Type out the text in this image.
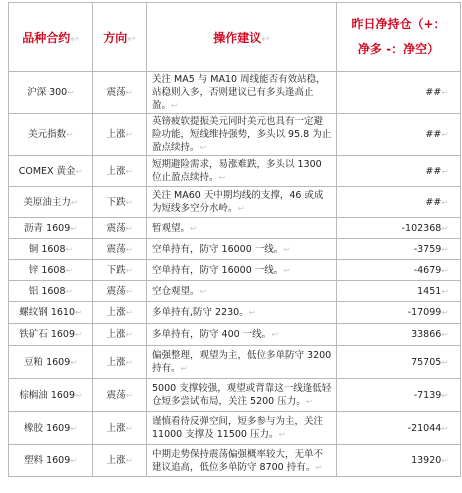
品种合约↩	方向↩	操作建议↩	昨日净持仓（+：
净多 -：净空）

沪深 300↩	震荡↩	关注 MA5 与 MA10 周线能否有效站稳，站稳则入多，否则建议已有多头逢高止盈。↩	##↩
美元指数↩	上涨↩	英镑疲软提振美元同时美元也具有一定避险功能，短线维持强势，多头以 95.8 为止盈点续持。↩	##↩
COMEX 黄金↩	上涨↩	短期避险需求，易涨难跌，多头以 1300 位止盈点续持。↩	##↩
美原油主力↩	下跌↩	关注 MA60 天中期均线的支撑，46 或成为短线多空分水岭。↩	##↩
沥青 1609↩	震荡↩	暂观望。↩	-102368↩
铜 1608↩	震荡↩	空单持有，防守 16000 一线。↩	-3759↩
锌 1608↩	下跌↩	空单持有，防守 16000 一线。↩	-4679↩
铝 1608↩	震荡↩	空仓观望。↩	1451↩
螺纹钢 1610↩	上涨↩	多单持有,防守 2230。↩	-17099↩
铁矿石 1609↩	上涨↩	多单持有，防守 400 一线。↩	33866↩
豆粕 1609↩	上涨↩	偏强整理，观望为主，低位多单防守 3200 持有。↩	75705↩
棕榈油 1609↩	震荡↩	5000 支撑较强，观望或背靠这一线逢低轻仓短多尝试布局，关注 5200 压力。↩	-7139↩
橡胶 1609↩	上涨↩	谨慎看待反弹空间，短多参与为主，关注 11000 支撑及 11500 压力。↩	-21044↩
塑料 1609↩	上涨↩	中期走势保持震荡偏强概率较大，无单不建议追高，低位多单防守 8700 持有。↩	13920↩
